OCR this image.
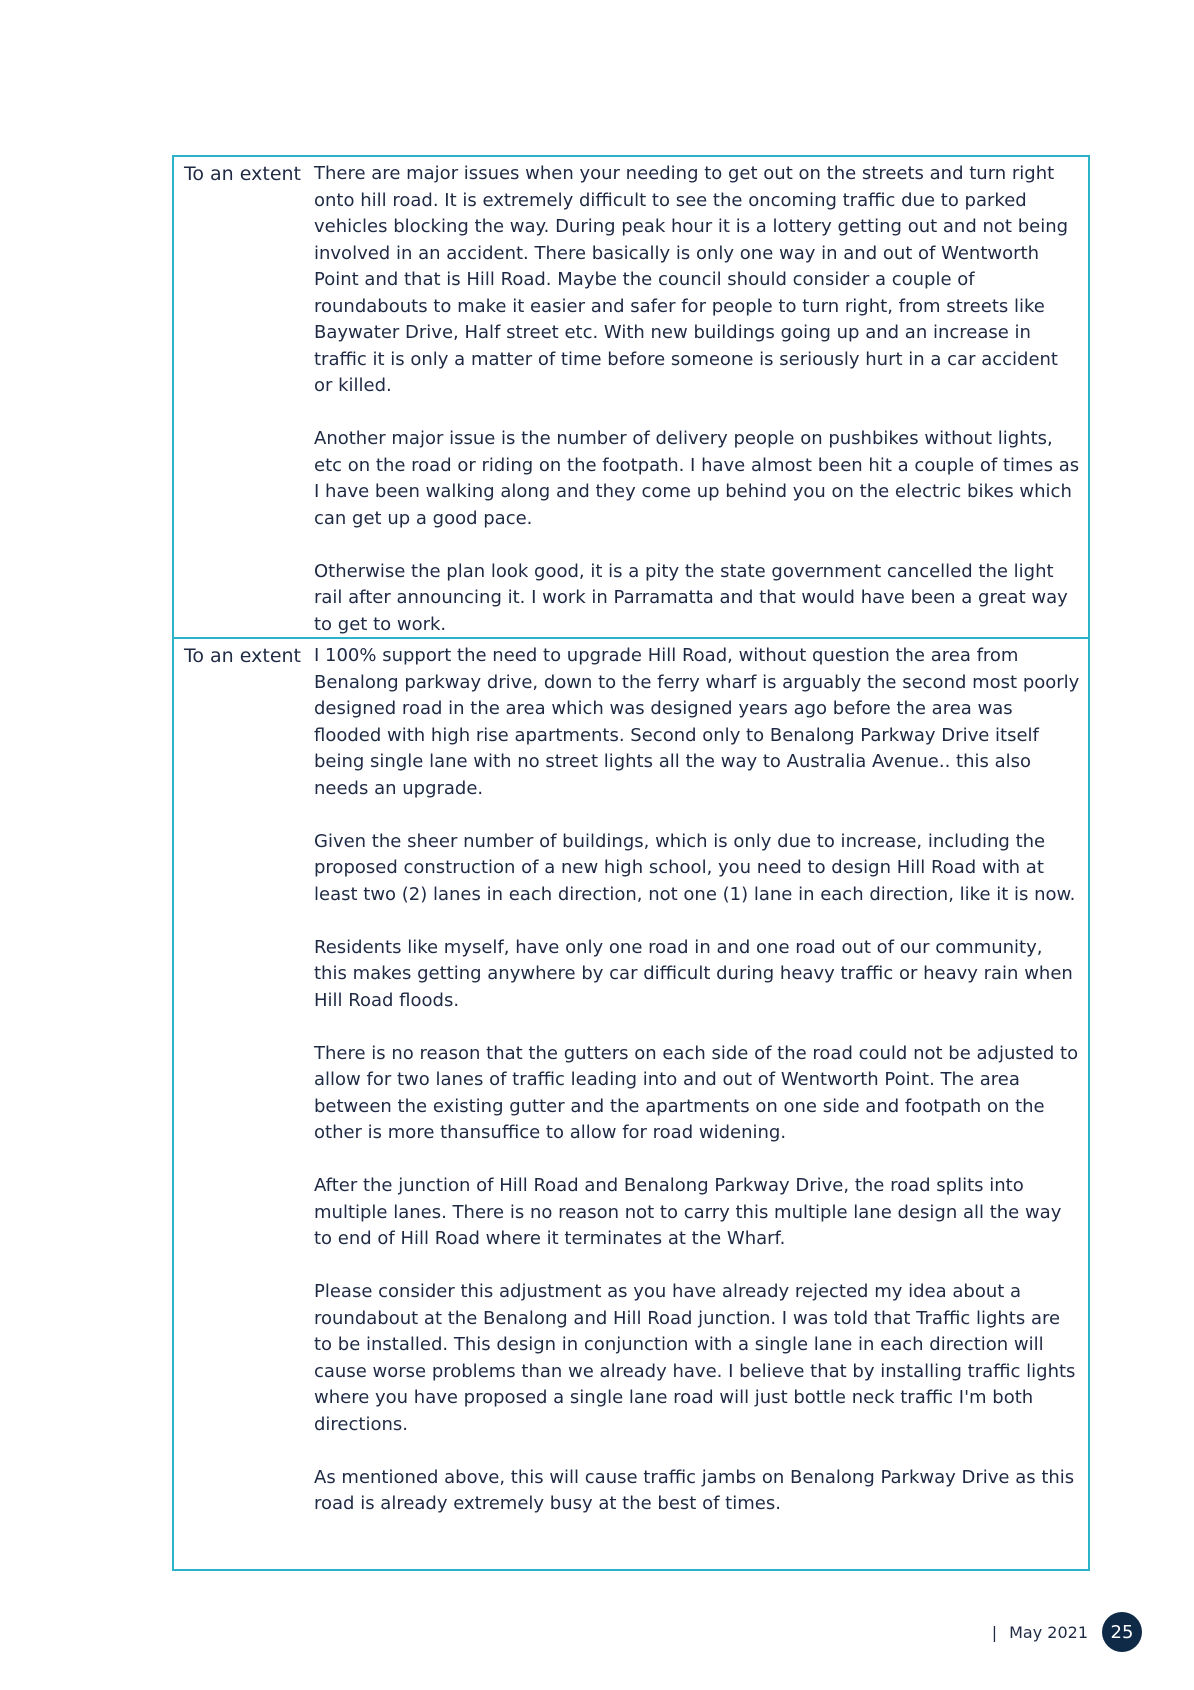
To an extent There are major issues when your needing to get out on the streets and turn right onto hill road. It is extremely difficult to see the oncoming traffic due to parked vehicles blocking the way. During peak hour it is a lottery getting out and not being involved in an accident. There basically is only one way in and out of Wentworth Point and that is Hill Road. Maybe the council should consider a couple of roundabouts to make it easier and safer for people to turn right, from streets like Baywater Drive, Half street etc. With new buildings going up and an increase in traffic it is only a matter of time before someone is seriously hurt in a car accident or killed.

Another major issue is the number of delivery people on pushbikes without lights, etc on the road or riding on the footpath. I have almost been hit a couple of times as I have been walking along and they come up behind you on the electric bikes which can get up a good pace.

Otherwise the plan look good, it is a pity the state government cancelled the light rail after announcing it. I work in Parramatta and that would have been a great way to get to work.

To an extent I 100% support the need to upgrade Hill Road, without question the area from Benalong parkway drive, down to the ferry wharf is arguably the second most poorly designed road in the area which was designed years ago before the area was flooded with high rise apartments. Second only to Benalong Parkway Drive itself being single lane with no street lights all the way to Australia Avenue.. this also needs an upgrade.

Given the sheer number of buildings, which is only due to increase, including the proposed construction of a new high school, you need to design Hill Road with at least two (2) lanes in each direction, not one (1) lane in each direction, like it is now.

Residents like myself, have only one road in and one road out of our community, this makes getting anywhere by car difficult during heavy traffic or heavy rain when Hill Road floods.

There is no reason that the gutters on each side of the road could not be adjusted to allow for two lanes of traffic leading into and out of Wentworth Point. The area between the existing gutter and the apartments on one side and footpath on the other is more thansuffice to allow for road widening.

After the junction of Hill Road and Benalong Parkway Drive, the road splits into multiple lanes. There is no reason not to carry this multiple lane design all the way to end of Hill Road where it terminates at the Wharf.

Please consider this adjustment as you have already rejected my idea about a roundabout at the Benalong and Hill Road junction. I was told that Traffic lights are to be installed. This design in conjunction with a single lane in each direction will cause worse problems than we already have. I believe that by installing traffic lights where you have proposed a single lane road will just bottle neck traffic I'm both directions.

As mentioned above, this will cause traffic jambs on Benalong Parkway Drive as this road is already extremely busy at the best of times.

| May 2021	25
